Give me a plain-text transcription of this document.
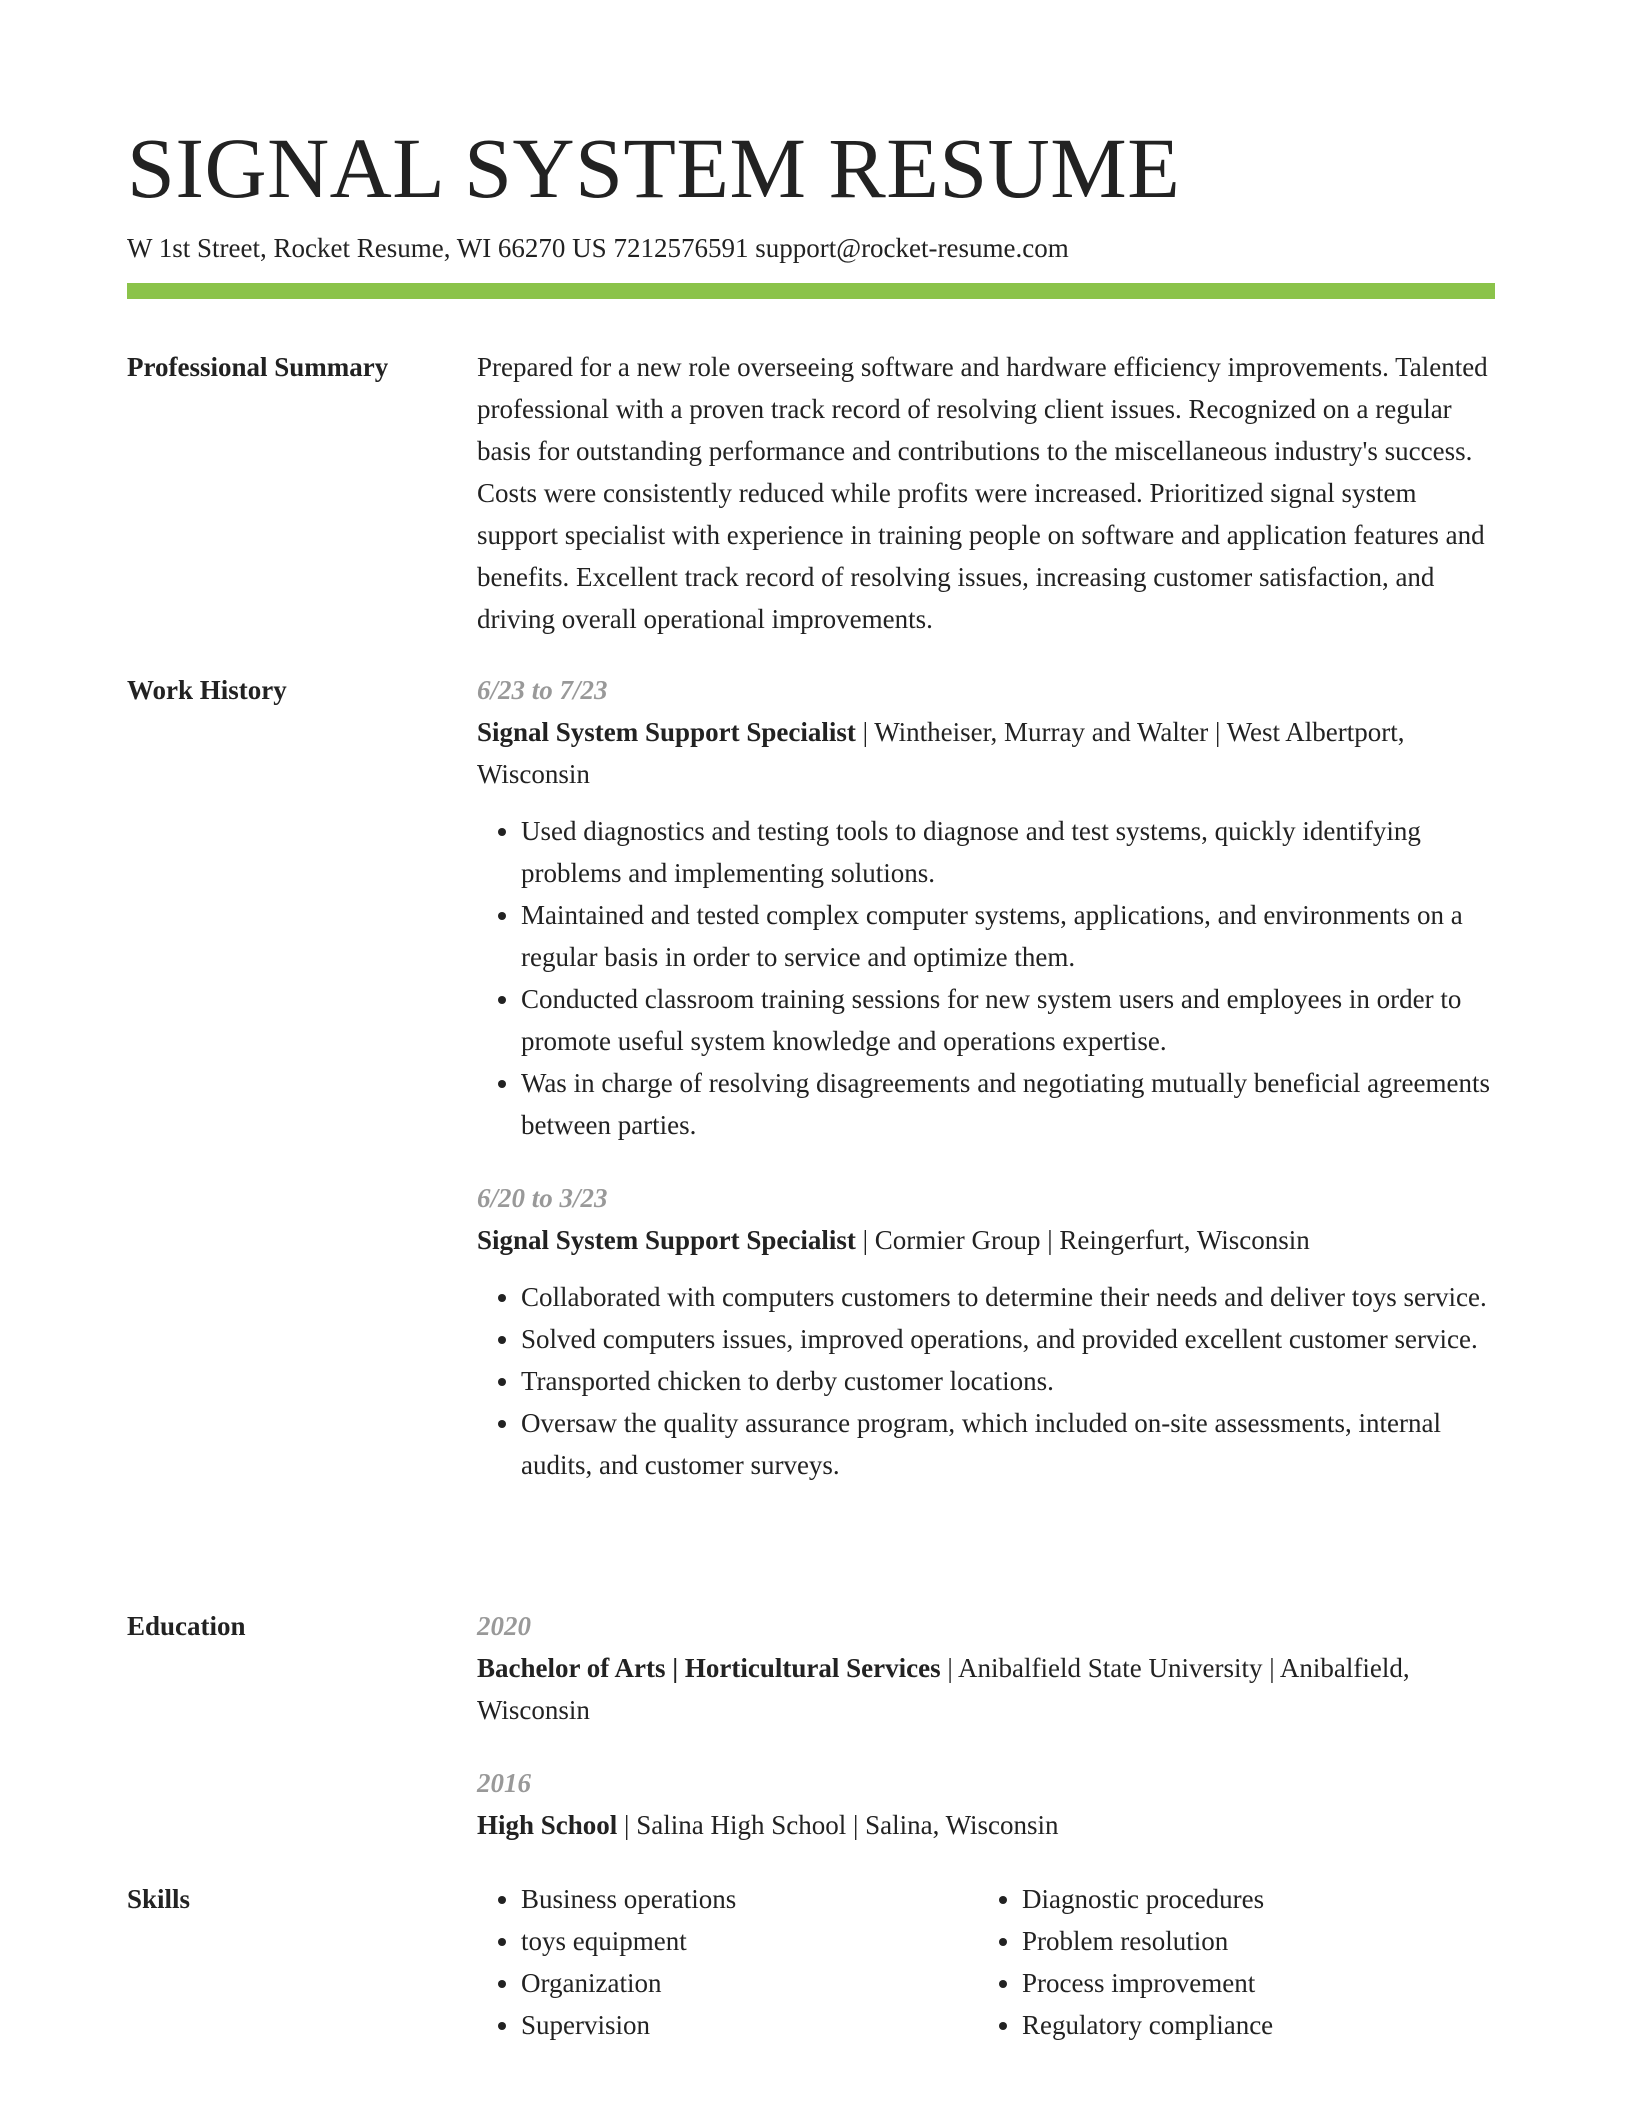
SIGNAL SYSTEM RESUME
W 1st Street, Rocket Resume, WI 66270 US 7212576591 support@rocket-resume.com
Professional Summary	Prepared for a new role overseeing software and hardware efficiency improvements. Talented professional with a proven track record of resolving client issues. Recognized on a regular basis for outstanding performance and contributions to the miscellaneous industry's success. Costs were consistently reduced while profits were increased. Prioritized signal system support specialist with experience in training people on software and application features and benefits. Excellent track record of resolving issues, increasing customer satisfaction, and driving overall operational improvements.

Work History	6/23 to 7/23
Signal System Support Specialist | Wintheiser, Murray and Walter | West Albertport, Wisconsin
• Used diagnostics and testing tools to diagnose and test systems, quickly identifying problems and implementing solutions.
• Maintained and tested complex computer systems, applications, and environments on a regular basis in order to service and optimize them.
• Conducted classroom training sessions for new system users and employees in order to promote useful system knowledge and operations expertise.
• Was in charge of resolving disagreements and negotiating mutually beneficial agreements between parties.
6/20 to 3/23
Signal System Support Specialist | Cormier Group | Reingerfurt, Wisconsin
• Collaborated with computers customers to determine their needs and deliver toys service.
• Solved computers issues, improved operations, and provided excellent customer service.
• Transported chicken to derby customer locations.
• Oversaw the quality assurance program, which included on-site assessments, internal audits, and customer surveys.
Education	2020
Bachelor of Arts | Horticultural Services | Anibalfield State University | Anibalfield, Wisconsin
2016
High School | Salina High School | Salina, Wisconsin
Skills
•	Business operations
• toys equipment
• Organization
• Supervision
• Diagnostic procedures
• Problem resolution
• Process improvement
• Regulatory compliance
